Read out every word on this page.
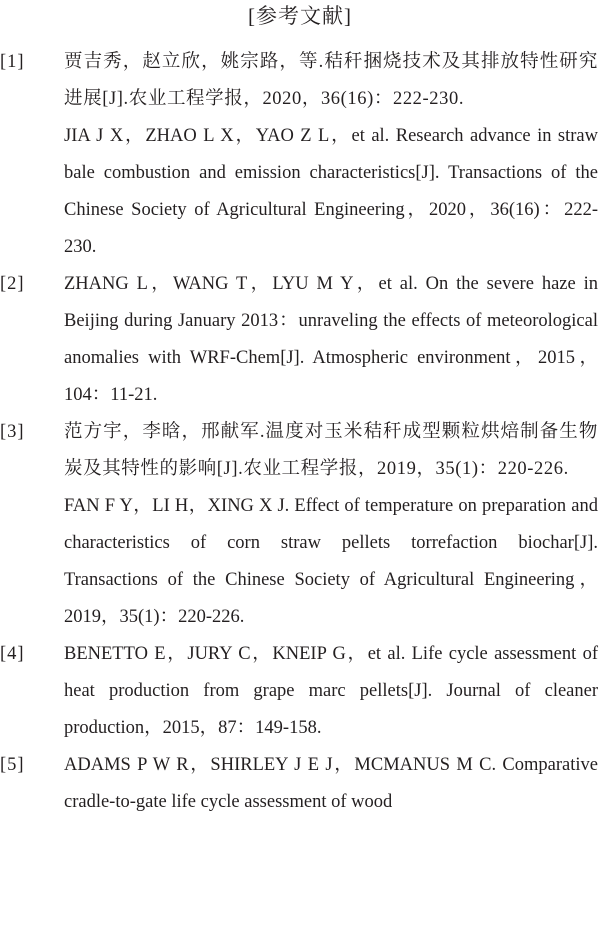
[参考文献]
[1]	贾吉秀，赵立欣，姚宗路，等.秸秆捆烧技术及其排放特性研究进展[J].农业工程学报，2020，36(16)：222-230.

JIA J X，ZHAO L X，YAO Z L，et al. Research advance in straw bale combustion and emission characteristics[J]. Transactions of the Chinese Society of Agricultural Engineering，2020，36(16)：222-230.

[2]	ZHANG L，WANG T，LYU M Y，et al. On the severe haze in Beijing during January 2013：unraveling the effects of meteorological anomalies with WRF-Chem[J]. Atmospheric environment，2015，104：11-21.

[3]	范方宇，李晗，邢献军.温度对玉米秸秆成型颗粒烘焙制备生物炭及其特性的影响[J].农业工程学报，2019，35(1)：220-226.

FAN F Y，LI H，XING X J. Effect of temperature on preparation and characteristics of corn straw pellets torrefaction biochar[J]. Transactions of the Chinese Society of Agricultural Engineering，2019，35(1)：220-226.

[4]	BENETTO E，JURY C，KNEIP G，et al. Life cycle assessment of heat production from grape marc pellets[J]. Journal of cleaner production，2015，87：149-158.

[5]	ADAMS P W R，SHIRLEY J E J，MCMANUS M C. Comparative cradle-to-gate life cycle assessment of wood
